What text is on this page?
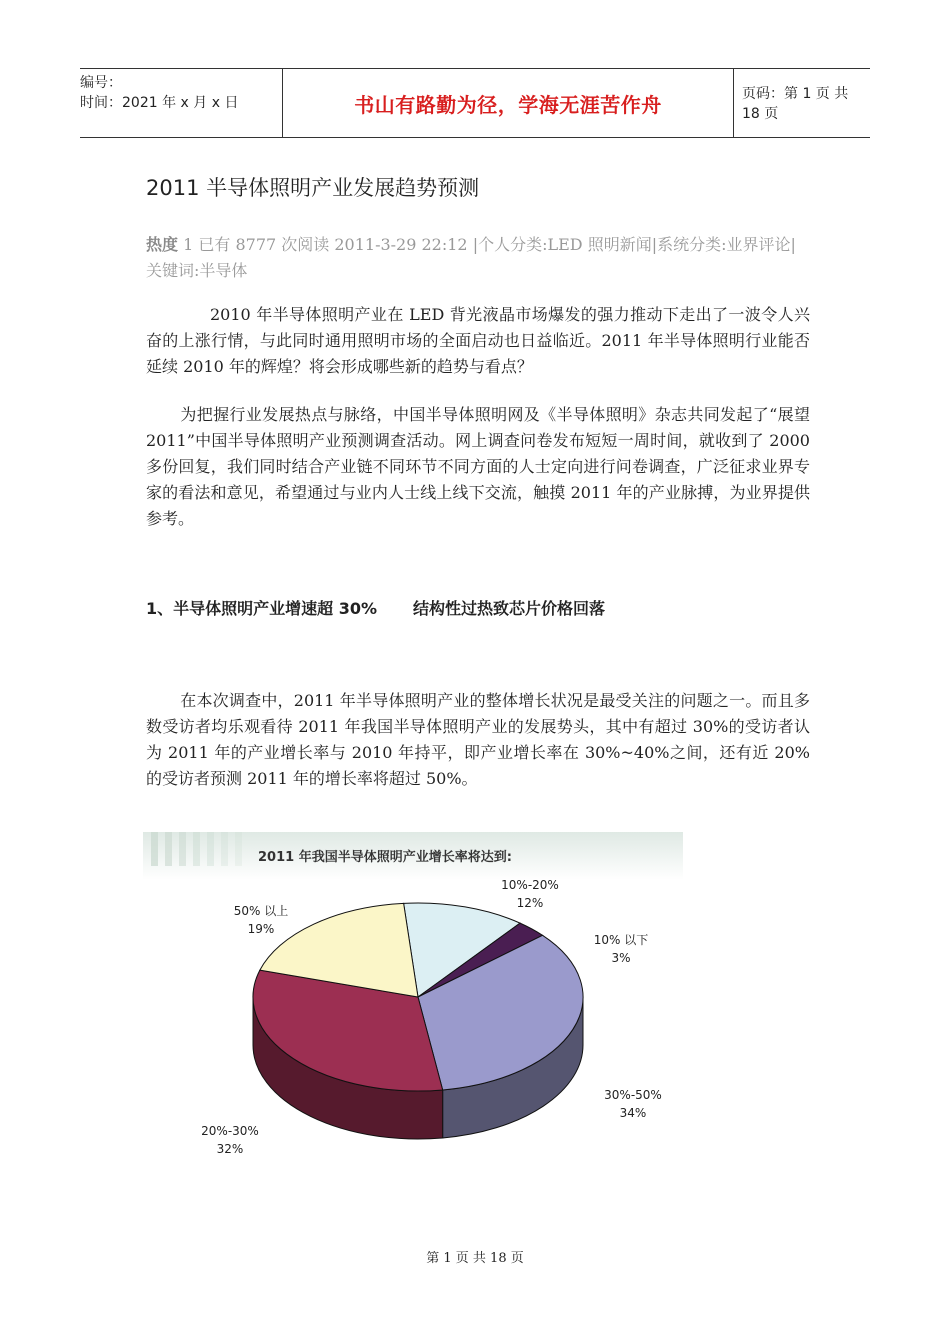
编号：
时间：2021 年 x 月 x 日	书山有路勤为径，学海无涯苦作舟	页码：第 1 页 共 18 页
2011 半导体照明产业发展趋势预测
热度 1 已有 8777 次阅读 2011-3-29 22:12 |个人分类:LED 照明新闻|系统分类:业界评论|关键词:半导体
2010 年半导体照明产业在 LED 背光液晶市场爆发的强力推动下走出了一波令人兴奋的上涨行情，与此同时通用照明市场的全面启动也日益临近。2011 年半导体照明行业能否延续 2010 年的辉煌？将会形成哪些新的趋势与看点？
为把握行业发展热点与脉络，中国半导体照明网及《半导体照明》杂志共同发起了“展望 2011”中国半导体照明产业预测调查活动。网上调查问卷发布短短一周时间，就收到了 2000 多份回复，我们同时结合产业链不同环节不同方面的人士定向进行问卷调查，广泛征求业界专家的看法和意见，希望通过与业内人士线上线下交流，触摸 2011 年的产业脉搏，为业界提供参考。
1、半导体照明产业增速超 30% 结构性过热致芯片价格回落
在本次调查中，2011 年半导体照明产业的整体增长状况是最受关注的问题之一。而且多数受访者均乐观看待 2011 年我国半导体照明产业的发展势头，其中有超过 30%的受访者认为 2011 年的产业增长率与 2010 年持平，即产业增长率在 30%~40%之间，还有近 20%的受访者预测 2011 年的增长率将超过 50%。
2011 年我国半导体照明产业增长率将达到:
10%-20%
12%
10% 以下
3%
30%-50%
34%
20%-30%
32%
50% 以上
19%
第 1 页 共 18 页
